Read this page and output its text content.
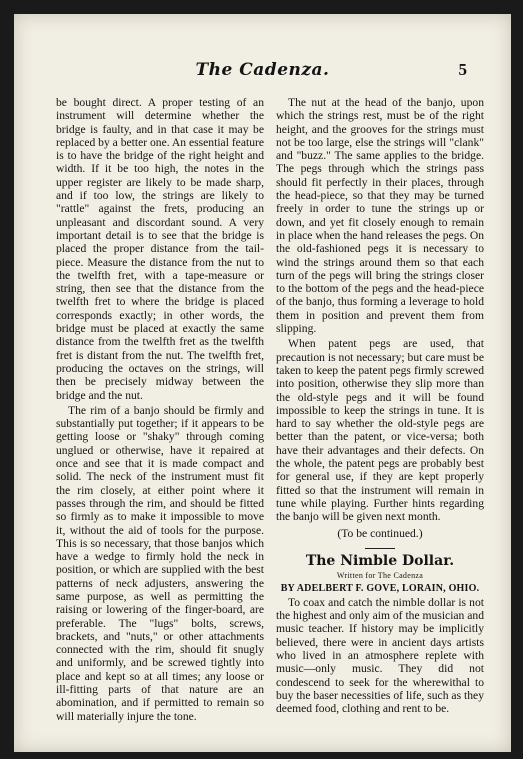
The Cadenza.	5

be bought direct. A proper testing of an instrument will determine whether the bridge is faulty, and in that case it may be replaced by a better one. An essential feature is to have the bridge of the right height and width. If it be too high, the notes in the upper register are likely to be made sharp, and if too low, the strings are likely to "rattle" against the frets, producing an unpleasant and discordant sound. A very important detail is to see that the bridge is placed the proper distance from the tail-piece. Measure the distance from the nut to the twelfth fret, with a tape-measure or string, then see that the distance from the twelfth fret to where the bridge is placed corresponds exactly; in other words, the bridge must be placed at exactly the same distance from the twelfth fret as the twelfth fret is distant from the nut. The twelfth fret, producing the octaves on the strings, will then be precisely midway between the bridge and the nut.

The rim of a banjo should be firmly and substantially put together; if it appears to be getting loose or "shaky" through coming unglued or otherwise, have it repaired at once and see that it is made compact and solid. The neck of the instrument must fit the rim closely, at either point where it passes through the rim, and should be fitted so firmly as to make it impossible to move it, without the aid of tools for the purpose. This is so necessary, that those banjos which have a wedge to firmly hold the neck in position, or which are supplied with the best patterns of neck adjusters, answering the same purpose, as well as permitting the raising or lowering of the finger-board, are preferable. The "lugs" bolts, screws, brackets, and "nuts," or other attachments connected with the rim, should fit snugly and uniformly, and be screwed tightly into place and kept so at all times; any loose or ill-fitting parts of that nature are an abomination, and if permitted to remain so will materially injure the tone.

The nut at the head of the banjo, upon which the strings rest, must be of the right height, and the grooves for the strings must not be too large, else the strings will "clank" and "buzz." The same applies to the bridge. The pegs through which the strings pass should fit perfectly in their places, through the head-piece, so that they may be turned freely in order to tune the strings up or down, and yet fit closely enough to remain in place when the hand releases the pegs. On the old-fashioned pegs it is necessary to wind the strings around them so that each turn of the pegs will bring the strings closer to the bottom of the pegs and the head-piece of the banjo, thus forming a leverage to hold them in position and prevent them from slipping.

When patent pegs are used, that precaution is not necessary; but care must be taken to keep the patent pegs firmly screwed into position, otherwise they slip more than the old-style pegs and it will be found impossible to keep the strings in tune. It is hard to say whether the old-style pegs are better than the patent, or vice-versa; both have their advantages and their defects. On the whole, the patent pegs are probably best for general use, if they are kept properly fitted so that the instrument will remain in tune while playing. Further hints regarding the banjo will be given next month.

(To be continued.)

The Nimble Dollar.
Written for The Cadenza
BY ADELBERT F. GOVE, LORAIN, OHIO.

To coax and catch the nimble dollar is not the highest and only aim of the musician and music teacher. If history may be implicitly believed, there were in ancient days artists who lived in an atmosphere replete with music—only music. They did not condescend to seek for the wherewithal to buy the baser necessities of life, such as they deemed food, clothing and rent to be.
